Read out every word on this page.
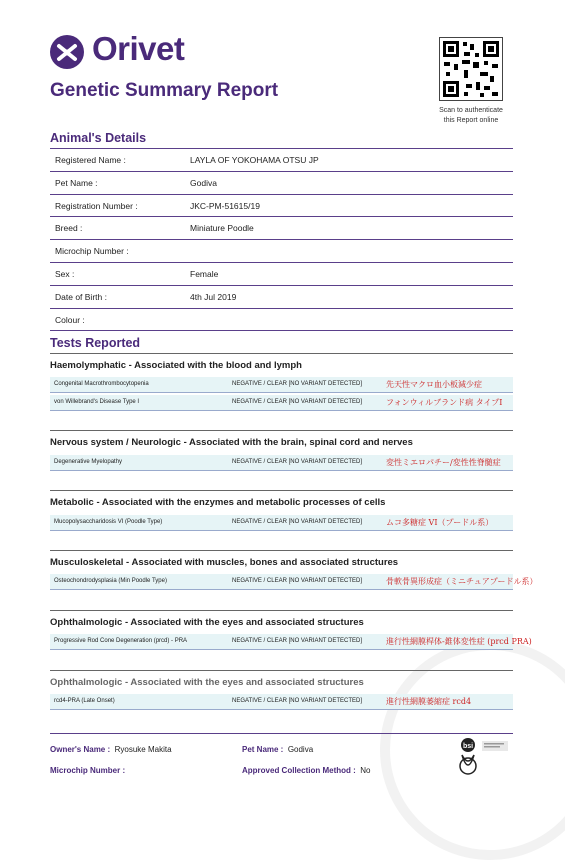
Orivet
Genetic Summary Report
Scan to authenticate
this Report online
Animal's Details
Registered Name :	LAYLA OF YOKOHAMA OTSU JP
Pet Name :	Godiva
Registration Number :	JKC-PM-51615/19
Breed :	Miniature Poodle
Microchip Number :
Sex :	Female
Date of Birth :	4th Jul 2019
Colour :
Tests Reported
Haemolymphatic - Associated with the blood and lymph
Congenital Macrothrombocytopenia	NEGATIVE / CLEAR [NO VARIANT DETECTED]	先天性マクロ血小板減少症
von Willebrand's Disease Type I	NEGATIVE / CLEAR [NO VARIANT DETECTED]	フォンウィルブランド病 タイプⅠ
Nervous system / Neurologic - Associated with the brain, spinal cord and nerves
Degenerative Myelopathy	NEGATIVE / CLEAR [NO VARIANT DETECTED]	変性ミエロパチー/変性性脊髄症
Metabolic - Associated with the enzymes and metabolic processes of cells
Mucopolysaccharidosis VI (Poodle Type)	NEGATIVE / CLEAR [NO VARIANT DETECTED]	ムコ多糖症 VI（プードル系）
Musculoskeletal - Associated with muscles, bones and associated structures
Osteochondrodysplasia (Min Poodle Type)	NEGATIVE / CLEAR [NO VARIANT DETECTED]	骨軟骨異形成症（ミニチュアプードル系）
Ophthalmologic - Associated with the eyes and associated structures
Progressive Rod Cone Degeneration (prcd) - PRA	NEGATIVE / CLEAR [NO VARIANT DETECTED]	進行性網膜桿体-錐体変性症 (prcd PRA)
Ophthalmologic - Associated with the eyes and associated structures
rcd4-PRA (Late Onset)	NEGATIVE / CLEAR [NO VARIANT DETECTED]	進行性網膜萎縮症 rcd4
Owner's Name : Ryosuke Makita	Pet Name : Godiva
Microchip Number :	Approved Collection Method : No
bsi
